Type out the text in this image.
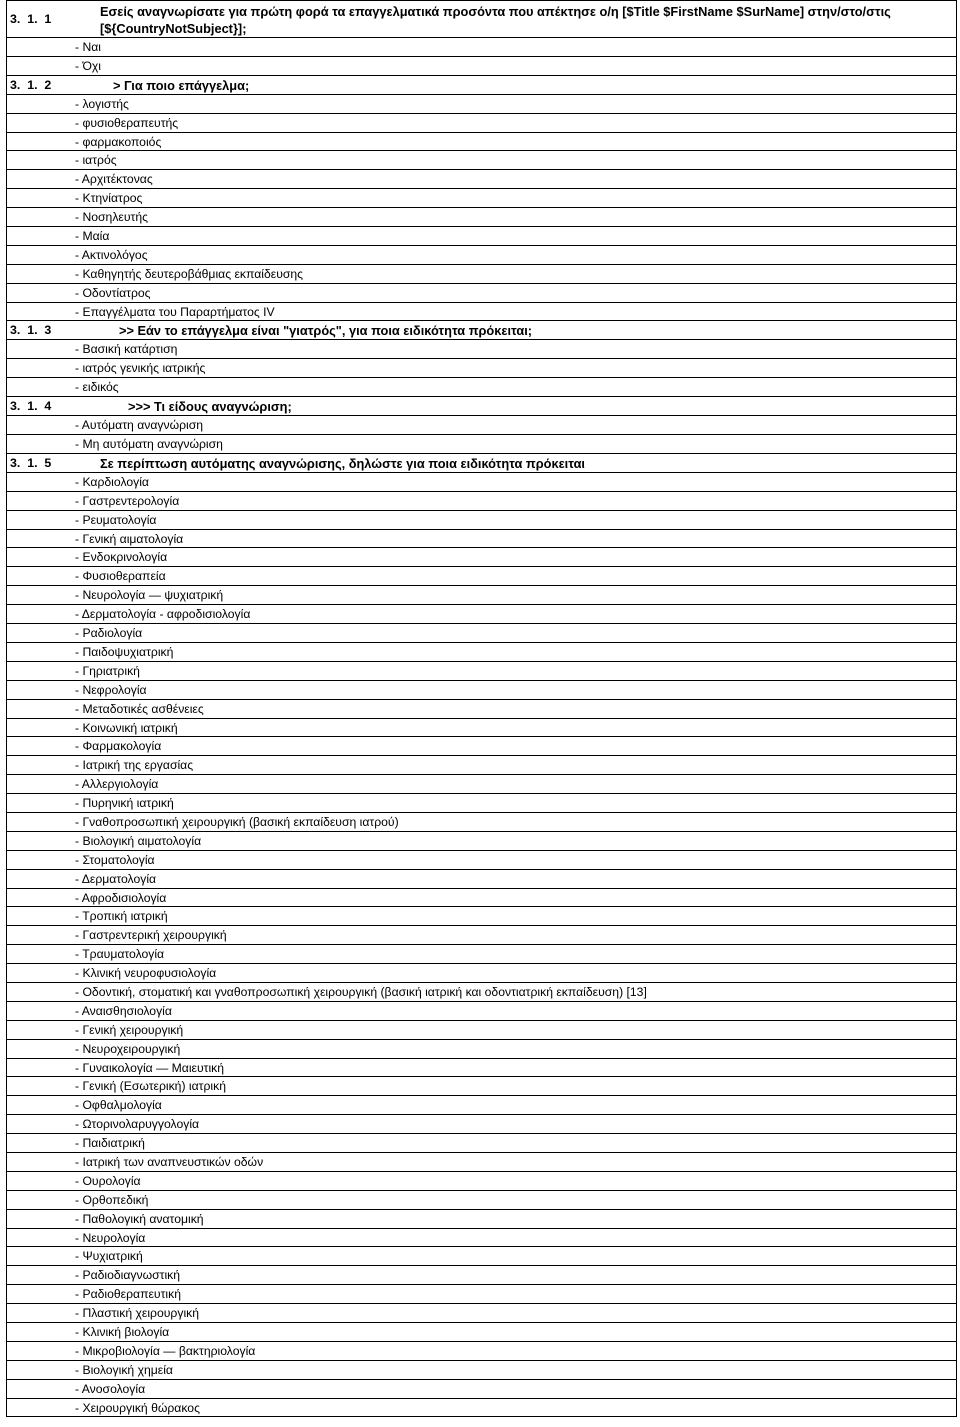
3.  1.  1	Εσείς αναγνωρίσατε για πρώτη φορά τα επαγγελματικά προσόντα που απέκτησε ο/η [$Title $FirstName $SurName] στην/στο/στις
[${CountryNotSubject}];
- Ναι
- Όχι
3.  1.  2	> Για ποιο επάγγελμα;
- λογιστής
- φυσιοθεραπευτής
- φαρμακοποιός
- ιατρός
- Αρχιτέκτονας
- Κτηνίατρος
- Νοσηλευτής
- Μαία
- Ακτινολόγος
- Καθηγητής δευτεροβάθμιας εκπαίδευσης
- Οδοντίατρος
- Επαγγέλματα του Παραρτήματος IV
3.  1.  3	>> Εάν το επάγγελμα είναι "γιατρός", για ποια ειδικότητα πρόκειται;
- Βασική κατάρτιση
- ιατρός γενικής ιατρικής
- ειδικός
3.  1.  4	>>> Τι είδους αναγνώριση;
- Αυτόματη αναγνώριση
- Μη αυτόματη αναγνώριση
3.  1.  5	Σε περίπτωση αυτόματης αναγνώρισης, δηλώστε για ποια ειδικότητα πρόκειται
- Καρδιολογία
- Γαστρεντερολογία
- Ρευματολογία
- Γενική αιματολογία
- Ενδοκρινολογία
- Φυσιοθεραπεία
- Νευρολογία — ψυχιατρική
- Δερματολογία - αφροδισιολογία
- Ραδιολογία
- Παιδοψυχιατρική
- Γηριατρική
- Νεφρολογία
- Μεταδοτικές ασθένειες
- Κοινωνική ιατρική
- Φαρμακολογία
- Ιατρική της εργασίας
- Αλλεργιολογία
- Πυρηνική ιατρική
- Γναθοπροσωπική χειρουργική (βασική εκπαίδευση ιατρού)
- Βιολογική αιματολογία
- Στοματολογία
- Δερματολογία
- Αφροδισιολογία
- Τροπική ιατρική
- Γαστρεντερική χειρουργική
- Τραυματολογία
- Κλινική νευροφυσιολογία
- Οδοντική, στοματική και γναθοπροσωπική χειρουργική (βασική ιατρική και οδοντιατρική εκπαίδευση) [13]
- Αναισθησιολογία
- Γενική χειρουργική
- Νευροχειρουργική
- Γυναικολογία — Μαιευτική
- Γενική (Εσωτερική) ιατρική
- Οφθαλμολογία
- Ωτορινολαρυγγολογία
- Παιδιατρική
- Ιατρική των αναπνευστικών οδών
- Ουρολογία
- Ορθοπεδική
- Παθολογική ανατομική
- Νευρολογία
- Ψυχιατρική
- Ραδιοδιαγνωστική
- Ραδιοθεραπευτική
- Πλαστική χειρουργική
- Κλινική βιολογία
- Μικροβιολογία — βακτηριολογία
- Βιολογική χημεία
- Ανοσολογία
- Χειρουργική θώρακος
